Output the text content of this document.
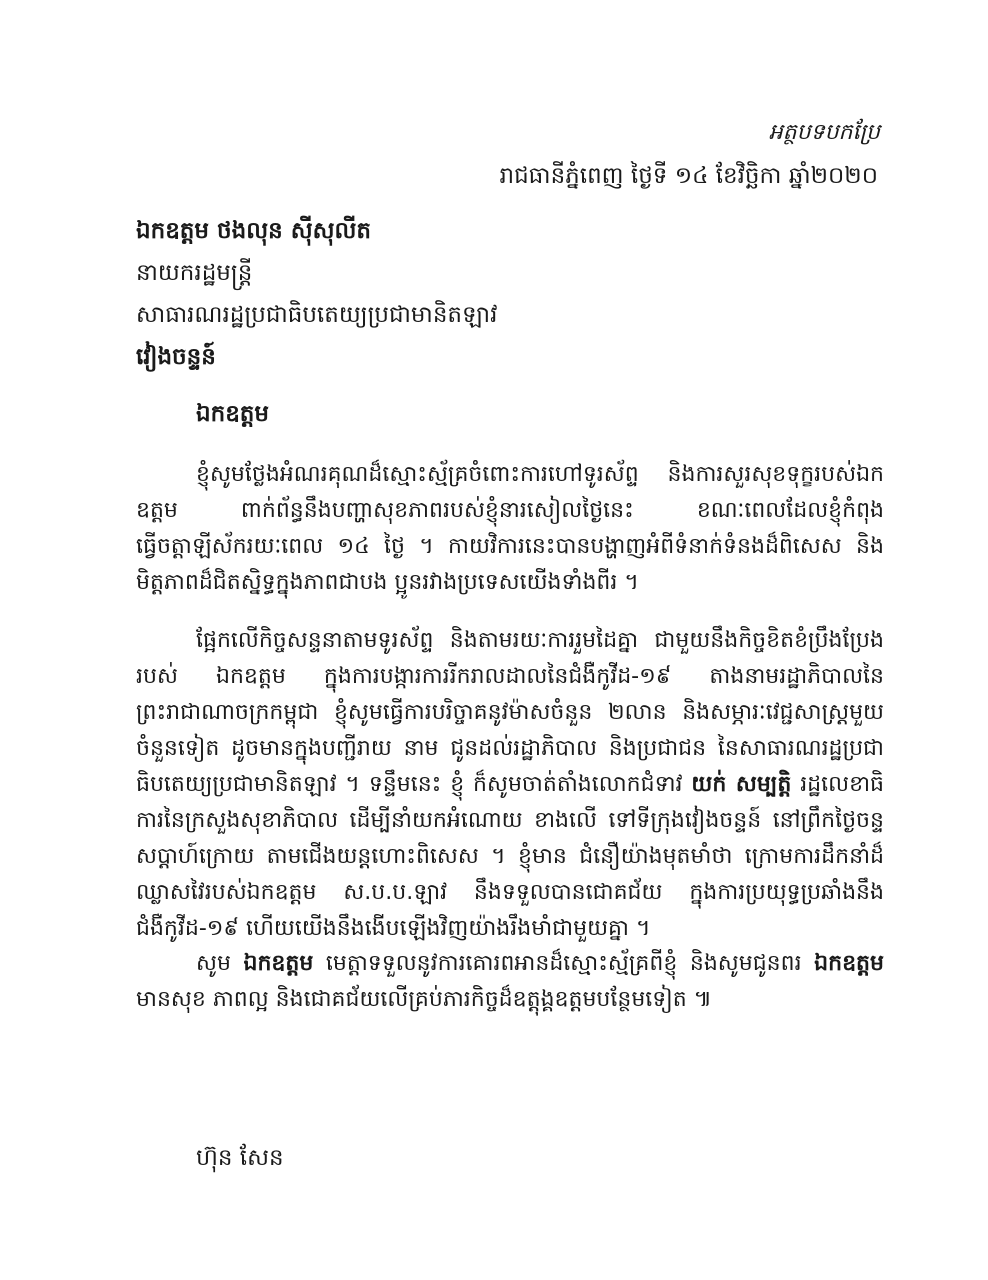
អត្ថបទបកប្រែ
រាជធានីភ្នំពេញ ថ្ងៃទី ១៤ ខែវិច្ឆិកា ឆ្នាំ២០២០
ឯកឧត្តម ថងលុន ស៊ីសុលីត
នាយករដ្ឋមន្ត្រី
សាធារណរដ្ឋប្រជាធិបតេយ្យប្រជាមានិតឡាវ
វៀងចន្ទន៍
ឯកឧត្តម

ខ្ញុំសូមថ្លែងអំណរគុណដ៏ស្មោះស្ម័គ្រចំពោះការហៅទូរស័ព្ទ និងការសួរសុខទុក្ខរបស់ឯកឧត្តម ពាក់ព័ន្ធនឹងបញ្ហាសុខភាពរបស់ខ្ញុំនារសៀលថ្ងៃនេះ ខណៈពេលដែលខ្ញុំកំពុងធ្វើចត្តាឡីស័ករយៈពេល ១៤ ថ្ងៃ ។ កាយវិការនេះបានបង្ហាញអំពីទំនាក់ទំនងដ៏ពិសេស និងមិត្តភាពដ៏ជិតស្និទ្ធក្នុងភាពជាបង ប្អូនរវាងប្រទេសយើងទាំងពីរ ។

ផ្អែកលើកិច្ចសន្ទនាតាមទូរស័ព្ទ និងតាមរយៈការរួមដៃគ្នា ជាមួយនឹងកិច្ចខិតខំប្រឹងប្រែងរបស់ ឯកឧត្តម ក្នុងការបង្ការការរីករាលដាលនៃជំងឺកូវីដ-១៩ តាងនាមរដ្ឋាភិបាលនៃព្រះរាជាណាចក្រកម្ពុជា ខ្ញុំសូមធ្វើការបរិច្ចាគនូវម៉ាសចំនួន ២លាន និងសម្ភារៈវេជ្ជសាស្ត្រមួយចំនួនទៀត ដូចមានក្នុងបញ្ជីរាយ នាម ជូនដល់រដ្ឋាភិបាល និងប្រជាជន នៃសាធារណរដ្ឋប្រជាធិបតេយ្យប្រជាមានិតឡាវ ។ ទន្ទឹមនេះ ខ្ញុំ ក៏សូមចាត់តាំងលោកជំទាវ យក់ សម្បត្តិ រដ្ឋលេខាធិការនៃក្រសួងសុខាភិបាល ដើម្បីនាំយកអំណោយ ខាងលើ ទៅទីក្រុងវៀងចន្ទន៍ នៅព្រឹកថ្ងៃចន្ទសប្តាហ៍ក្រោយ តាមជើងយន្តហោះពិសេស ។ ខ្ញុំមាន ជំនឿយ៉ាងមុតមាំថា ក្រោមការដឹកនាំដ៏ឈ្លាសវៃរបស់ឯកឧត្តម ស.ប.ប.ឡាវ នឹងទទួលបានជោគជ័យ ក្នុងការប្រយុទ្ធប្រឆាំងនឹងជំងឺកូវីដ-១៩ ហើយយើងនឹងងើបឡើងវិញយ៉ាងរឹងមាំជាមួយគ្នា ។

សូម ឯកឧត្តម មេត្តាទទួលនូវការគោរពអានដ៏ស្មោះស្ម័គ្រពីខ្ញុំ និងសូមជូនពរ ឯកឧត្តម មានសុខ ភាពល្អ និងជោគជ័យលើគ្រប់ភារកិច្ចដ៏ឧត្តុង្គឧត្តមបន្ថែមទៀត ៕

ហ៊ុន សែន
